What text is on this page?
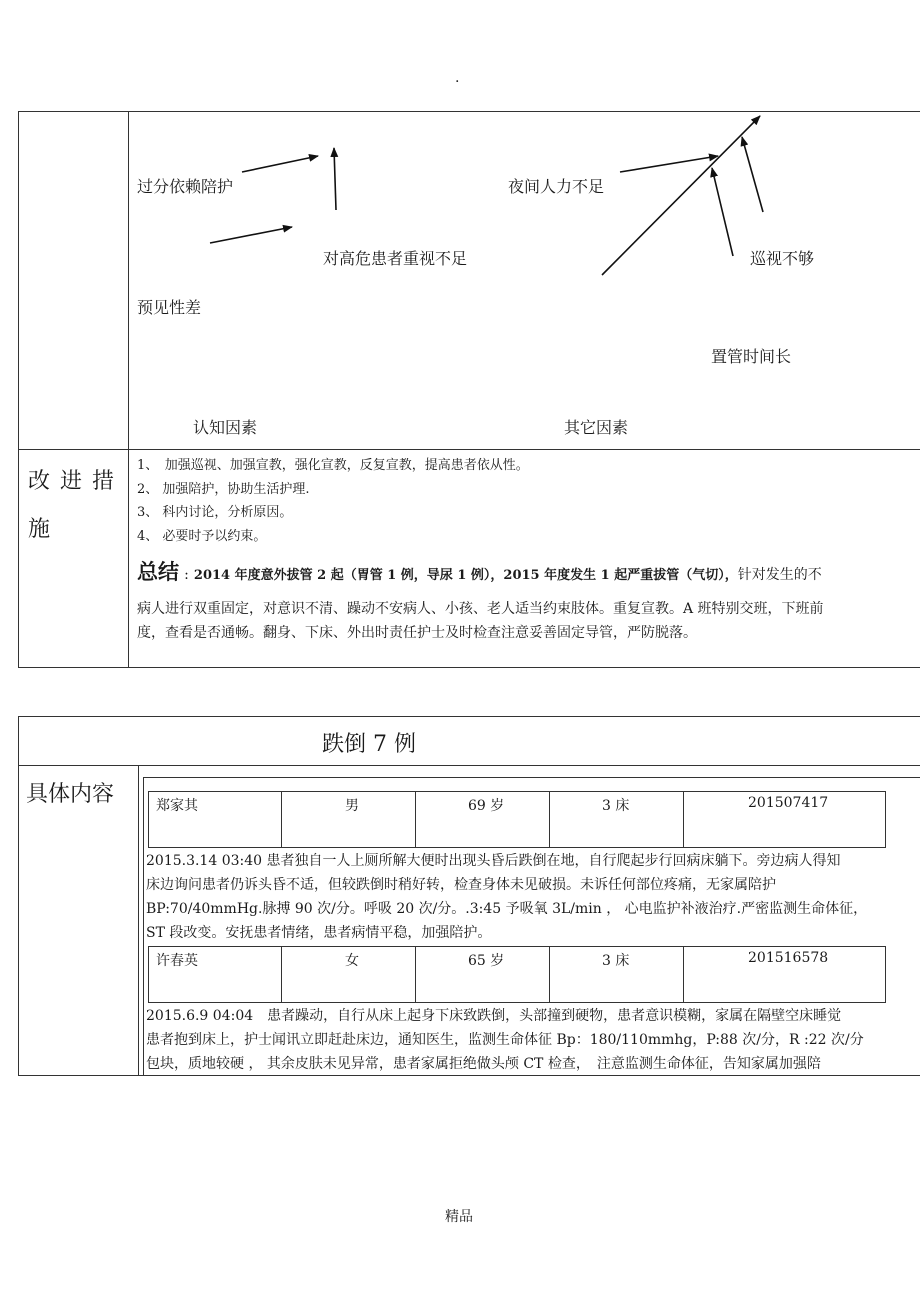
.
过分依赖陪护	夜间人力不足
对高危患者重视不足	巡视不够
预见性差
置管时间长
认知因素	其它因素
改进措施
1、　加强巡视、加强宣教，强化宣教，反复宣教，提高患者依从性。
2、 加强陪护，协助生活护理.
3、 科内讨论，分析原因。
4、 必要时予以约束。
总结 : 2014 年度意外拔管 2 起（胃管 1 例，导尿 1 例），2015 年度发生 1 起严重拔管（气切），针对发生的不
病人进行双重固定，对意识不清、躁动不安病人、小孩、老人适当约束肢体。重复宣教。A 班特别交班，下班前
度，查看是否通畅。翻身、下床、外出时责任护士及时检查注意妥善固定导管，严防脱落。
跌倒 7 例
具体内容	郑家其	男	69 岁	3 床	201507417
2015.3.14 03:40 患者独自一人上厕所解大便时出现头昏后跌倒在地，自行爬起步行回病床躺下。旁边病人得知
床边询问患者仍诉头昏不适，但较跌倒时稍好转，检查身体未见破损。未诉任何部位疼痛，无家属陪护
BP:70/40mmHg.脉搏 90 次/分。呼吸 20 次/分。.3:45 予吸氧 3L/min ， 心电监护补液治疗.严密监测生命体征，
ST 段改变。安抚患者情绪，患者病情平稳，加强陪护。
许春英	女	65 岁	3 床	201516578
2015.6.9 04:04　患者躁动，自行从床上起身下床致跌倒，头部撞到硬物，患者意识模糊，家属在隔壁空床睡觉
患者抱到床上，护士闻讯立即赶赴床边，通知医生，监测生命体征 Bp：180/110mmhg，P:88 次/分，R :22 次/分
包块，质地较硬 ， 其余皮肤未见异常，患者家属拒绝做头颅 CT 检查，　注意监测生命体征，告知家属加强陪
精品
